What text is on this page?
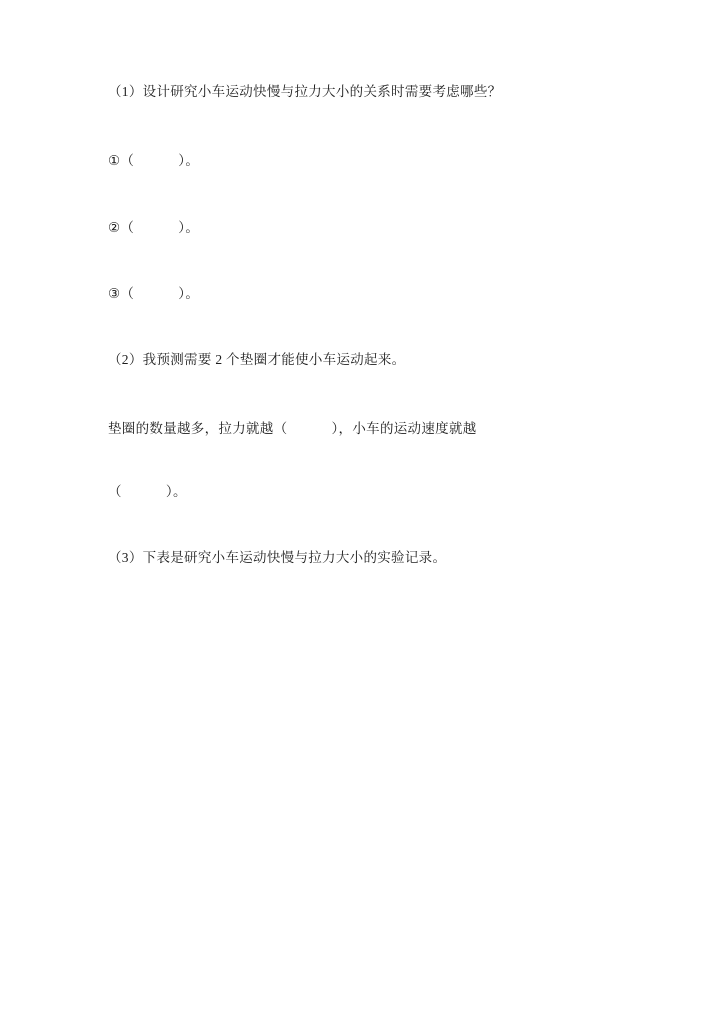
（1）设计研究小车运动快慢与拉力大小的关系时需要考虑哪些？
①（            ）。
②（            ）。
③（            ）。
（2）我预测需要 2 个垫圈才能使小车运动起来。
垫圈的数量越多，拉力就越（            ），小车的运动速度就越
（            ）。
（3）下表是研究小车运动快慢与拉力大小的实验记录。
